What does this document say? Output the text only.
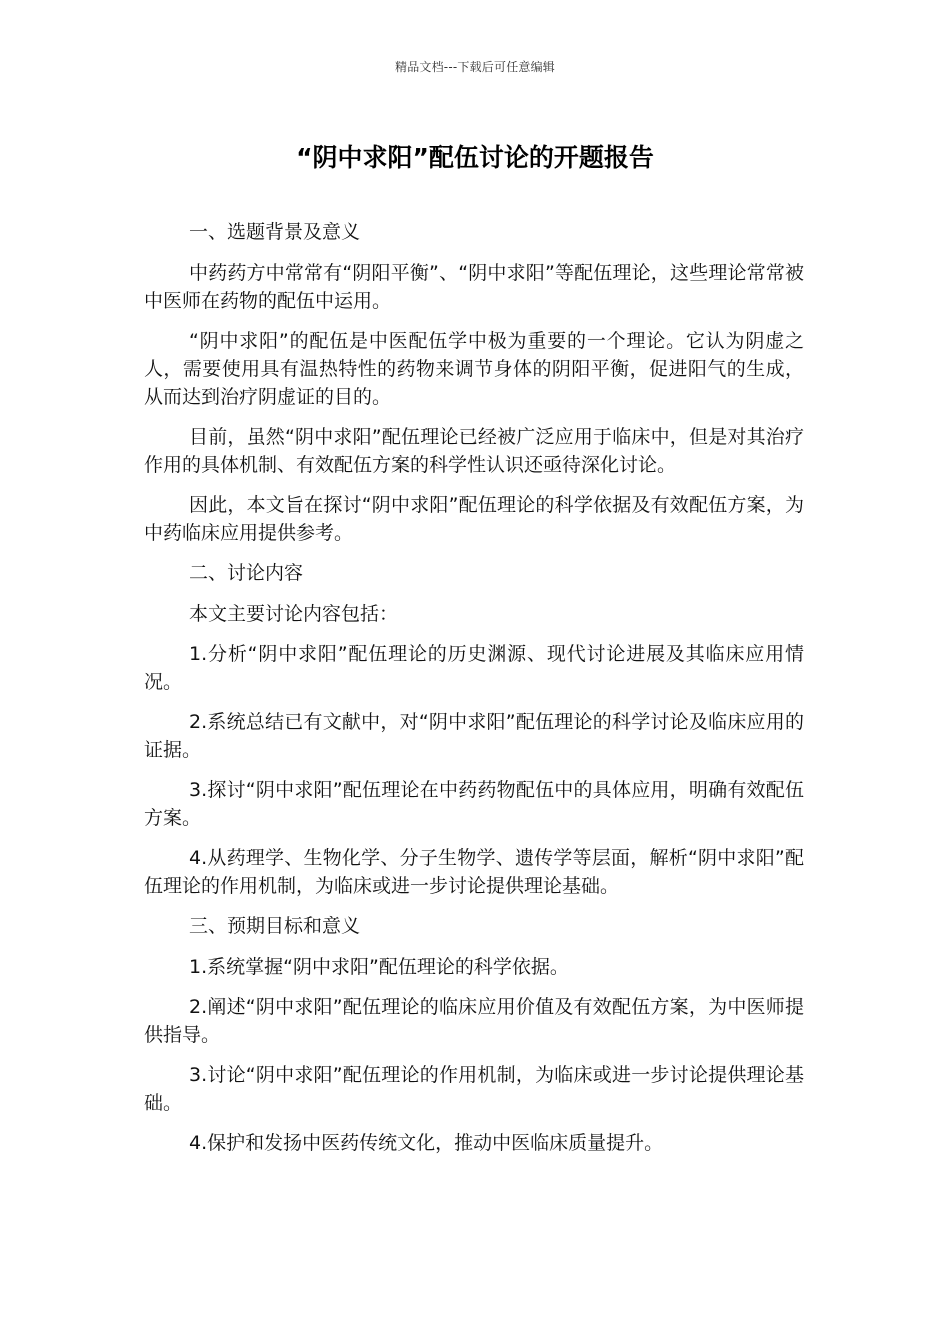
精品文档---下载后可任意编辑
“阴中求阳”配伍讨论的开题报告

一、选题背景及意义

中药药方中常常有“阴阳平衡”、“阴中求阳”等配伍理论，这些理论常常被中医师在药物的配伍中运用。

“阴中求阳”的配伍是中医配伍学中极为重要的一个理论。它认为阴虚之人，需要使用具有温热特性的药物来调节身体的阴阳平衡，促进阳气的生成，从而达到治疗阴虚证的目的。

目前，虽然“阴中求阳”配伍理论已经被广泛应用于临床中，但是对其治疗作用的具体机制、有效配伍方案的科学性认识还亟待深化讨论。

因此，本文旨在探讨“阴中求阳”配伍理论的科学依据及有效配伍方案，为中药临床应用提供参考。

二、讨论内容

本文主要讨论内容包括：

1.分析“阴中求阳”配伍理论的历史渊源、现代讨论进展及其临床应用情况。

2.系统总结已有文献中，对“阴中求阳”配伍理论的科学讨论及临床应用的证据。

3.探讨“阴中求阳”配伍理论在中药药物配伍中的具体应用，明确有效配伍方案。

4.从药理学、生物化学、分子生物学、遗传学等层面，解析“阴中求阳”配伍理论的作用机制，为临床或进一步讨论提供理论基础。

三、预期目标和意义

1.系统掌握“阴中求阳”配伍理论的科学依据。

2.阐述“阴中求阳”配伍理论的临床应用价值及有效配伍方案，为中医师提供指导。

3.讨论“阴中求阳”配伍理论的作用机制，为临床或进一步讨论提供理论基础。

4.保护和发扬中医药传统文化，推动中医临床质量提升。
